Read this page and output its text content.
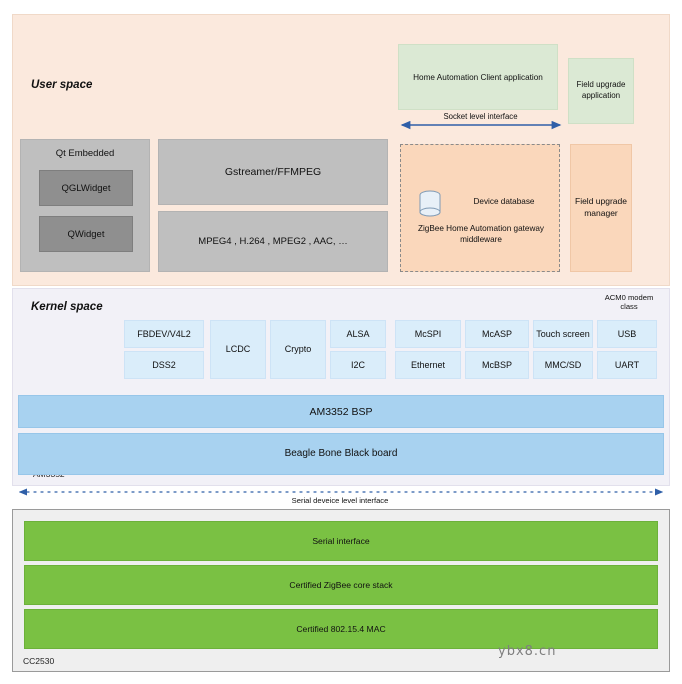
User space
Home Automation Client application
Field upgrade application
Socket level interface
Qt Embedded
QGLWidget
QWidget
Gstreamer/FFMPEG
MPEG4 , H.264 , MPEG2 , AAC, …
Device database
ZigBee Home Automation gateway middleware
Field upgrade manager
Kernel space
ACM0 modem class
FBDEV/V4L2	ALSA	McSPI	McASP	Touch screen	USB
DSS2	I2C	Ethernet	McBSP	MMC/SD	UART
LCDC	Crypto
AM3352 BSP
Beagle Bone Black board
Serial deveice level interface
CC2530
Serial interface
Certified ZigBee core stack
Certified 802.15.4 MAC
ybx8.cn
